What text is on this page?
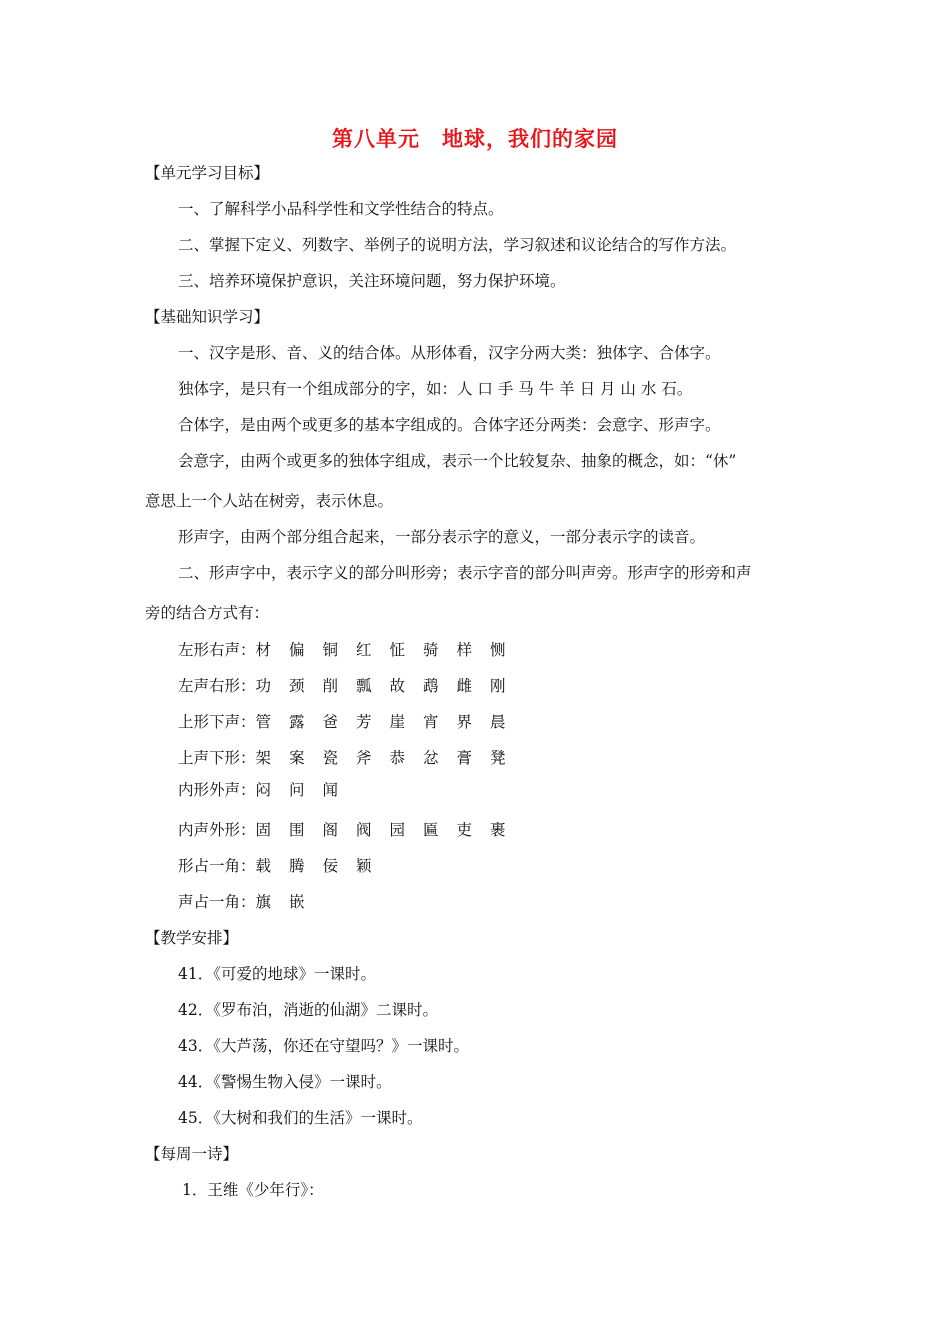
第八单元　地球，我们的家园
【单元学习目标】
一、了解科学小品科学性和文学性结合的特点。
二、掌握下定义、列数字、举例子的说明方法，学习叙述和议论结合的写作方法。
三、培养环境保护意识，关注环境问题，努力保护环境。
【基础知识学习】
一、汉字是形、音、义的结合体。从形体看，汉字分两大类：独体字、合体字。
独体字，是只有一个组成部分的字，如：人 口 手 马 牛 羊 日 月 山 水 石。
合体字，是由两个或更多的基本字组成的。合体字还分两类：会意字、形声字。
会意字，由两个或更多的独体字组成，表示一个比较复杂、抽象的概念，如：“休”
意思上一个人站在树旁，表示休息。
形声字，由两个部分组合起来，一部分表示字的意义，一部分表示字的读音。
二、形声字中，表示字义的部分叫形旁；表示字音的部分叫声旁。形声字的形旁和声
旁的结合方式有：
左形右声：材 偏 铜 红 怔 骑 样 恻
左声右形：功 颈 削 瓢 故 鹉 雌 刚
上形下声：管 露 爸 芳 崖 宵 界 晨
上声下形：架 案 瓷 斧 恭 忿 膏 凳
内形外声：闷 问 闻
内声外形：固 围 阁 阀 园 匾 吏 裹
形占一角：载 腾 佞 颖
声占一角：旗 嵌
【教学安排】
41．《可爱的地球》一课时。
42．《罗布泊，消逝的仙湖》二课时。
43．《大芦荡，你还在守望吗？》一课时。
44．《警惕生物入侵》一课时。
45．《大树和我们的生活》一课时。
【每周一诗】
1．王维《少年行》：
